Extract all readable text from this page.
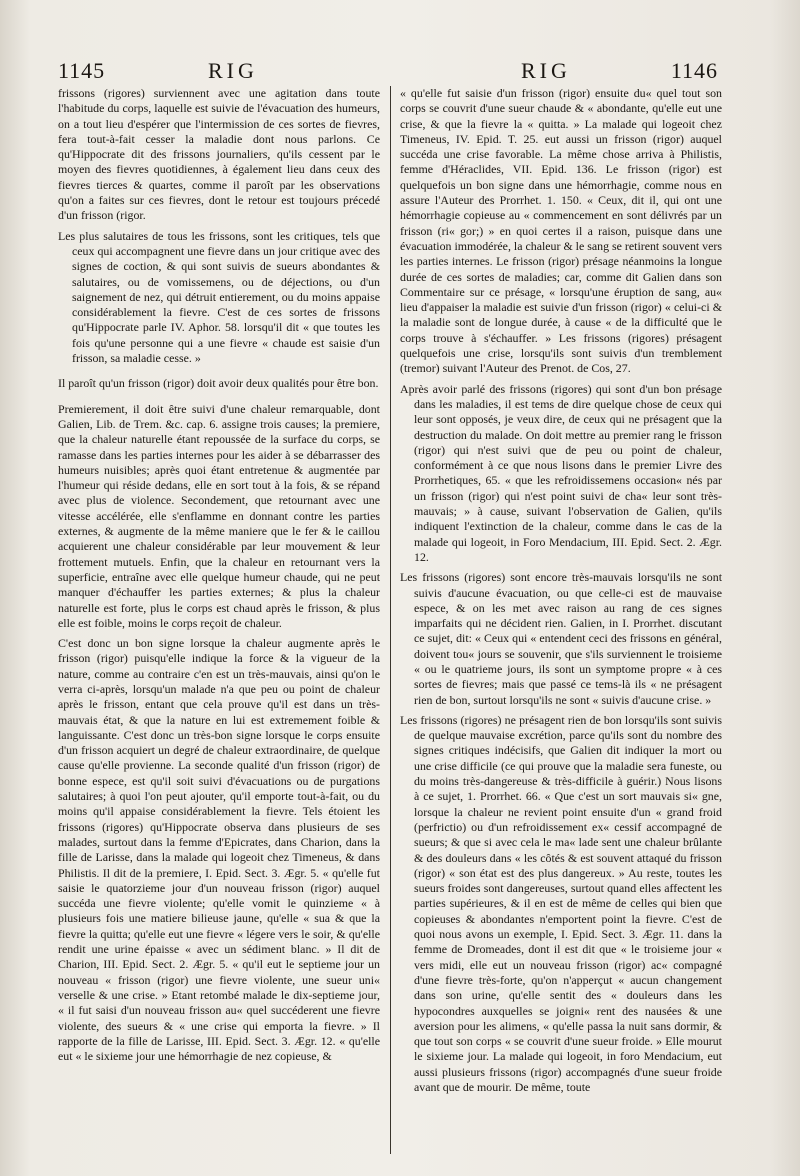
1145	RIG	RIG	1146

frissons (rigores) surviennent avec une agitation dans toute l'habitude du corps, laquelle est suivie de l'évacuation des humeurs, on a tout lieu d'espérer que l'intermission de ces sortes de fievres, fera tout-à-fait cesser la maladie dont nous parlons. Ce qu'Hippocrate dit des frissons journaliers, qu'ils cessent par le moyen des fievres quotidiennes, à également lieu dans ceux des fievres tierces & quartes, comme il paroît par les observations qu'on a faites sur ces fievres, dont le retour est toujours précedé d'un frisson (rigor.

Les plus salutaires de tous les frissons, sont les critiques, tels que ceux qui accompagnent une fievre dans un jour critique avec des signes de coction, & qui sont suivis de sueurs abondantes & salutaires, ou de vomissemens, ou de déjections, ou d'un saignement de nez, qui détruit entierement, ou du moins appaise considérablement la fievre. C'est de ces sortes de frissons qu'Hippocrate parle IV. Aphor. 58. lorsqu'il dit « que toutes les fois qu'une personne qui a une fievre « chaude est saisie d'un frisson, sa maladie cesse. »

Il paroît qu'un frisson (rigor) doit avoir deux qualités pour être bon.

Premierement, il doit être suivi d'une chaleur remarquable, dont Galien, Lib. de Trem. &c. cap. 6. assigne trois causes; la premiere, que la chaleur naturelle étant repoussée de la surface du corps, se ramasse dans les parties internes pour les aider à se débarrasser des humeurs nuisibles; après quoi étant entretenue & augmentée par l'humeur qui réside dedans, elle en sort tout à la fois, & se répand avec plus de violence. Secondement, que retournant avec une vitesse accélérée, elle s'enflamme en donnant contre les parties externes, & augmente de la même maniere que le fer & le caillou acquierent une chaleur considérable par leur mouvement & leur frottement mutuels. Enfin, que la chaleur en retournant vers la superficie, entraîne avec elle quelque humeur chaude, qui ne peut manquer d'échauffer les parties externes; & plus la chaleur naturelle est forte, plus le corps est chaud après le frisson, & plus elle est foible, moins le corps reçoit de chaleur.

C'est donc un bon signe lorsque la chaleur augmente après le frisson (rigor) puisqu'elle indique la force & la vigueur de la nature, comme au contraire c'en est un très-mauvais, ainsi qu'on le verra ci-après, lorsqu'un malade n'a que peu ou point de chaleur après le frisson, entant que cela prouve qu'il est dans un très-mauvais état, & que la nature en lui est extremement foible & languissante. C'est donc un très-bon signe lorsque le corps ensuite d'un frisson acquiert un degré de chaleur extraordinaire, de quelque cause qu'elle provienne. La seconde qualité d'un frisson (rigor) de bonne espece, est qu'il soit suivi d'évacuations ou de purgations salutaires; à quoi l'on peut ajouter, qu'il emporte tout-à-fait, ou du moins qu'il appaise considérablement la fievre. Tels étoient les frissons (rigores) qu'Hippocrate observa dans plusieurs de ses malades, surtout dans la femme d'Epicrates, dans Charion, dans la fille de Larisse, dans la malade qui logeoit chez Timeneus, & dans Philistis. Il dit de la premiere, I. Epid. Sect. 3. Ægr. 5. « qu'elle fut saisie le quatorzieme jour d'un nouveau frisson (rigor) auquel succéda une fievre violente; qu'elle vomit le quinzieme « à plusieurs fois une matiere bilieuse jaune, qu'elle « sua & que la fievre la quitta; qu'elle eut une fievre « légere vers le soir, & qu'elle rendit une urine épaisse « avec un sédiment blanc. » Il dit de Charion, III. Epid. Sect. 2. Ægr. 5. « qu'il eut le septieme jour un nouveau « frisson (rigor) une fievre violente, une sueur uni« verselle & une crise. » Etant retombé malade le dix-septieme jour, « il fut saisi d'un nouveau frisson au« quel succéderent une fievre violente, des sueurs & « une crise qui emporta la fievre. » Il rapporte de la fille de Larisse, III. Epid. Sect. 3. Ægr. 12. « qu'elle eut « le sixieme jour une hémorrhagie de nez copieuse, &

« qu'elle fut saisie d'un frisson (rigor) ensuite du« quel tout son corps se couvrit d'une sueur chaude & « abondante, qu'elle eut une crise, & que la fievre la « quitta. » La malade qui logeoit chez Timeneus, IV. Epid. T. 25. eut aussi un frisson (rigor) auquel succéda une crise favorable. La même chose arriva à Philistis, femme d'Héraclides, VII. Epid. 136. Le frisson (rigor) est quelquefois un bon signe dans une hémorrhagie, comme nous en assure l'Auteur des Prorrhet. 1. 150. « Ceux, dit il, qui ont une hémorrhagie copieuse au « commencement en sont délivrés par un frisson (ri« gor;) » en quoi certes il a raison, puisque dans une évacuation immodérée, la chaleur & le sang se retirent souvent vers les parties internes. Le frisson (rigor) présage néanmoins la longue durée de ces sortes de maladies; car, comme dit Galien dans son Commentaire sur ce présage, « lorsqu'une éruption de sang, au« lieu d'appaiser la maladie est suivie d'un frisson (rigor) « celui-ci & la maladie sont de longue durée, à cause « de la difficulté que le corps trouve à s'échauffer. » Les frissons (rigores) présagent quelquefois une crise, lorsqu'ils sont suivis d'un tremblement (tremor) suivant l'Auteur des Prenot. de Cos, 27.

Après avoir parlé des frissons (rigores) qui sont d'un bon présage dans les maladies, il est tems de dire quelque chose de ceux qui leur sont opposés, je veux dire, de ceux qui ne présagent que la destruction du malade. On doit mettre au premier rang le frisson (rigor) qui n'est suivi que de peu ou point de chaleur, conformément à ce que nous lisons dans le premier Livre des Prorrhetiques, 65. « que les refroidissemens occasion« nés par un frisson (rigor) qui n'est point suivi de cha« leur sont très-mauvais; » à cause, suivant l'observation de Galien, qu'ils indiquent l'extinction de la chaleur, comme dans le cas de la malade qui logeoit, in Foro Mendacium, III. Epid. Sect. 2. Ægr. 12.

Les frissons (rigores) sont encore très-mauvais lorsqu'ils ne sont suivis d'aucune évacuation, ou que celle-ci est de mauvaise espece, & on les met avec raison au rang de ces signes imparfaits qui ne décident rien. Galien, in I. Prorrhet. discutant ce sujet, dit: « Ceux qui « entendent ceci des frissons en général, doivent tou« jours se souvenir, que s'ils surviennent le troisieme « ou le quatrieme jours, ils sont un symptome propre « à ces sortes de fievres; mais que passé ce tems-là ils « ne présagent rien de bon, surtout lorsqu'ils ne sont « suivis d'aucune crise. »

Les frissons (rigores) ne présagent rien de bon lorsqu'ils sont suivis de quelque mauvaise excrétion, parce qu'ils sont du nombre des signes critiques indécisifs, que Galien dit indiquer la mort ou une crise difficile (ce qui prouve que la maladie sera funeste, ou du moins très-dangereuse & très-difficile à guérir.) Nous lisons à ce sujet, 1. Prorrhet. 66. « Que c'est un sort mauvais si« gne, lorsque la chaleur ne revient point ensuite d'un « grand froid (perfrictio) ou d'un refroidissement ex« cessif accompagné de sueurs; & que si avec cela le ma« lade sent une chaleur brûlante & des douleurs dans « les côtés & est souvent attaqué du frisson (rigor) « son état est des plus dangereux. » Au reste, toutes les sueurs froides sont dangereuses, surtout quand elles affectent les parties supérieures, & il en est de même de celles qui bien que copieuses & abondantes n'emportent point la fievre. C'est de quoi nous avons un exemple, I. Epid. Sect. 3. Ægr. 11. dans la femme de Dromeades, dont il est dit que « le troisieme jour « vers midi, elle eut un nouveau frisson (rigor) ac« compagné d'une fievre très-forte, qu'on n'apperçut « aucun changement dans son urine, qu'elle sentit des « douleurs dans les hypocondres auxquelles se joigni« rent des nausées & une aversion pour les alimens, « qu'elle passa la nuit sans dormir, & que tout son corps « se couvrit d'une sueur froide. » Elle mourut le sixieme jour. La malade qui logeoit, in foro Mendacium, eut aussi plusieurs frissons (rigor) accompagnés d'une sueur froide avant que de mourir. De même, toute
